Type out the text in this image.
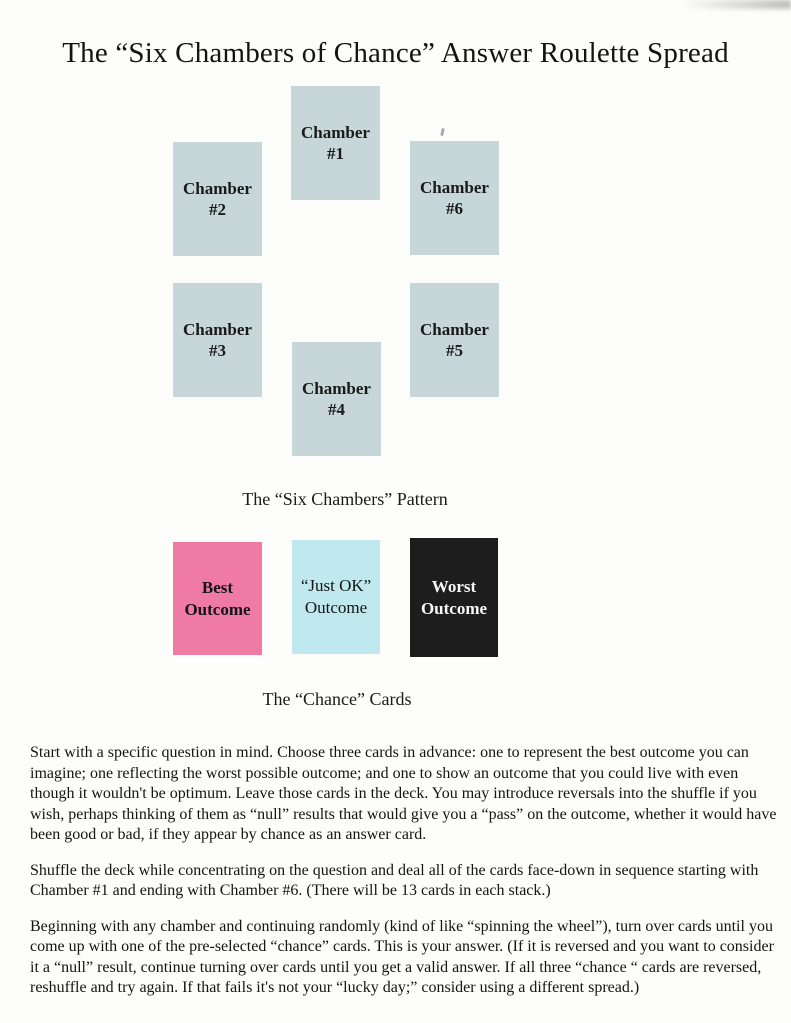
The “Six Chambers of Chance” Answer Roulette Spread
Chamber
#1
Chamber
#2
Chamber
#3
Chamber
#4
Chamber
#5
Chamber
#6
The “Six Chambers” Pattern
Best
Outcome
“Just OK”
Outcome
Worst
Outcome
The “Chance” Cards

Start with a specific question in mind. Choose three cards in advance: one to represent the best outcome you can imagine; one reflecting the worst possible outcome; and one to show an outcome that you could live with even though it wouldn't be optimum. Leave those cards in the deck. You may introduce reversals into the shuffle if you wish, perhaps thinking of them as “null” results that would give you a “pass” on the outcome, whether it would have been good or bad, if they appear by chance as an answer card.

Shuffle the deck while concentrating on the question and deal all of the cards face-down in sequence starting with Chamber #1 and ending with Chamber #6. (There will be 13 cards in each stack.)

Beginning with any chamber and continuing randomly (kind of like “spinning the wheel”), turn over cards until you come up with one of the pre-selected “chance” cards. This is your answer. (If it is reversed and you want to consider it a “null” result, continue turning over cards until you get a valid answer. If all three “chance “ cards are reversed, reshuffle and try again. If that fails it's not your “lucky day;” consider using a different spread.)
